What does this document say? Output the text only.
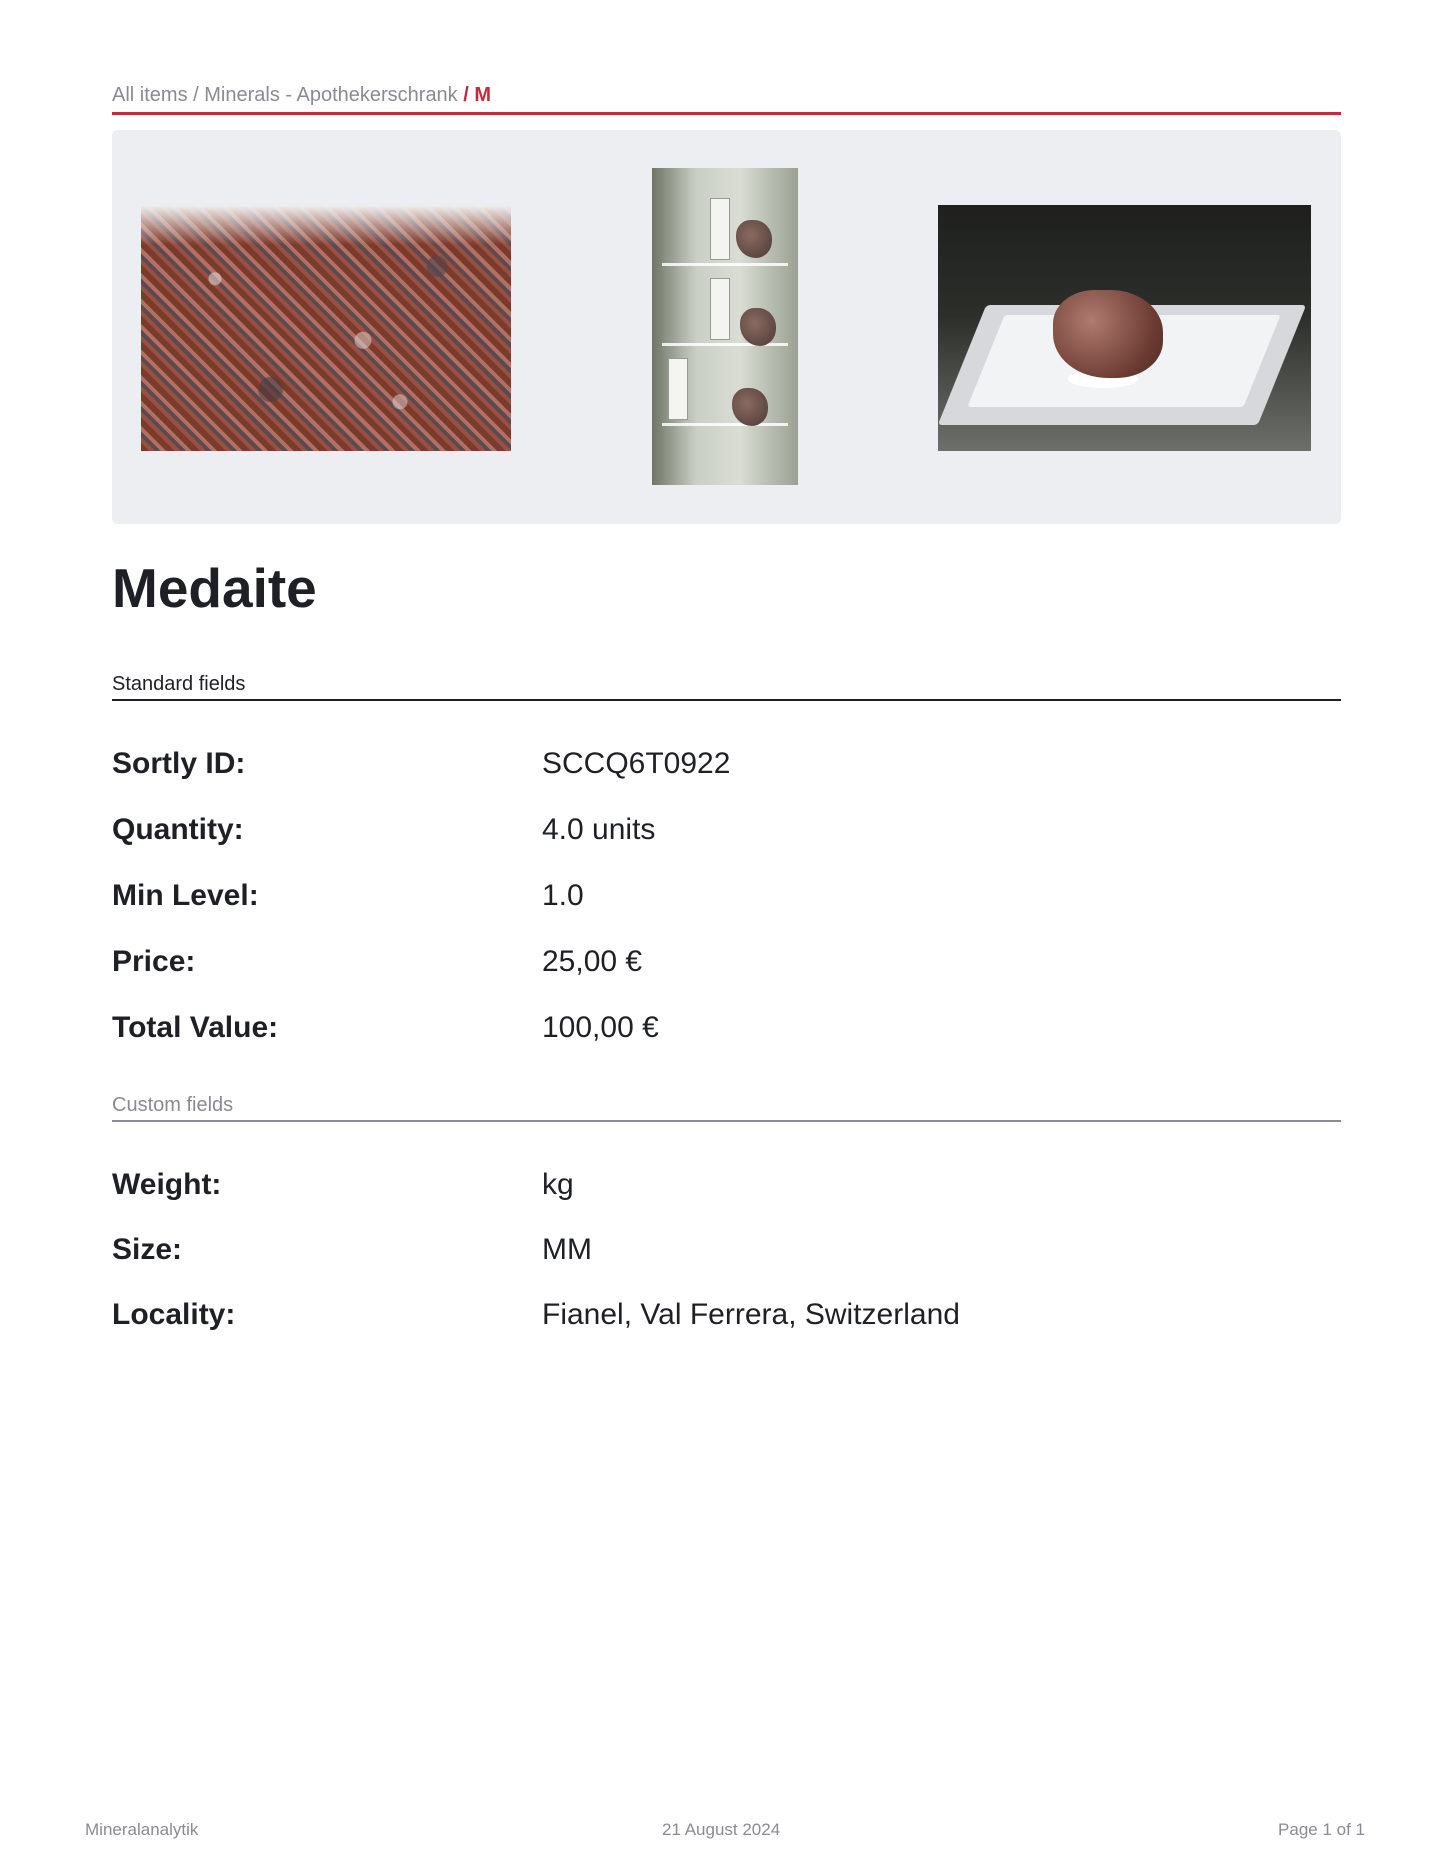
All items / Minerals - Apothekerschrank / M
Medaite
Standard fields
Sortly ID:	SCCQ6T0922
Quantity:	4.0 units
Min Level:	1.0
Price:	25,00 €
Total Value:	100,00 €
Custom fields
Weight:	kg
Size:	MM
Locality:	Fianel, Val Ferrera, Switzerland
Mineralanalytik	21 August 2024	Page 1 of 1
